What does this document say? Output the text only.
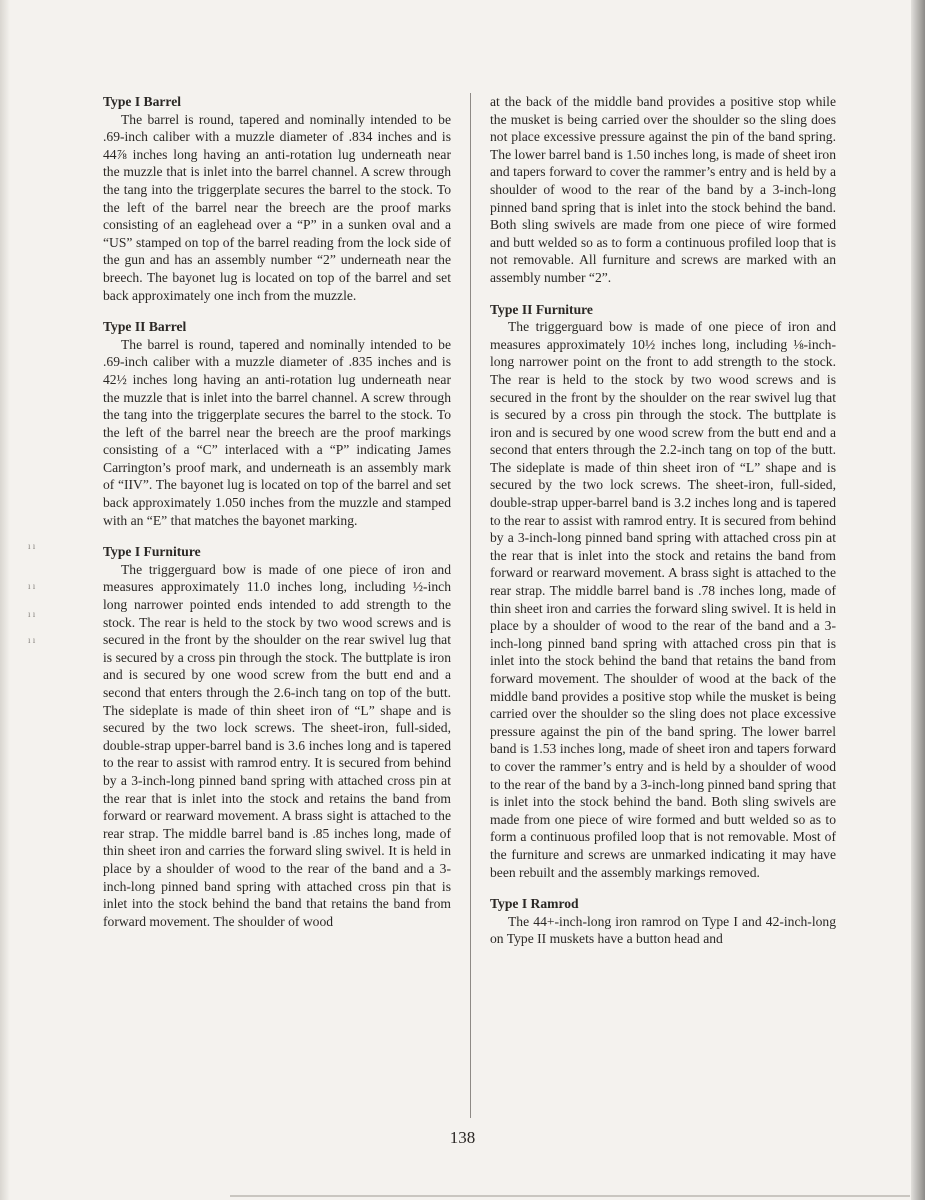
ı ı
ı ı
ı ı
ı ı
Type I Barrel

The barrel is round, tapered and nominally intended to be .69-inch caliber with a muzzle diameter of .834 inches and is 44⅞ inches long having an anti-rotation lug underneath near the muzzle that is inlet into the barrel channel. A screw through the tang into the triggerplate secures the barrel to the stock. To the left of the barrel near the breech are the proof marks consisting of an eaglehead over a “P” in a sunken oval and a “US” stamped on top of the barrel reading from the lock side of the gun and has an assembly number “2” underneath near the breech. The bayonet lug is located on top of the barrel and set back approximately one inch from the muzzle.

Type II Barrel

The barrel is round, tapered and nominally intended to be .69-inch caliber with a muzzle diameter of .835 inches and is 42½ inches long having an anti-rotation lug underneath near the muzzle that is inlet into the barrel channel. A screw through the tang into the triggerplate secures the barrel to the stock. To the left of the barrel near the breech are the proof markings consisting of a “C” interlaced with a “P” indicating James Carrington’s proof mark, and underneath is an assembly mark of “IIV”. The bayonet lug is located on top of the barrel and set back approximately 1.050 inches from the muzzle and stamped with an “E” that matches the bayonet marking.

Type I Furniture

The triggerguard bow is made of one piece of iron and measures approximately 11.0 inches long, including ½-inch long narrower pointed ends intended to add strength to the stock. The rear is held to the stock by two wood screws and is secured in the front by the shoulder on the rear swivel lug that is secured by a cross pin through the stock. The buttplate is iron and is secured by one wood screw from the butt end and a second that enters through the 2.6-inch tang on top of the butt. The sideplate is made of thin sheet iron of “L” shape and is secured by the two lock screws. The sheet-iron, full-sided, double-strap upper-barrel band is 3.6 inches long and is tapered to the rear to assist with ramrod entry. It is secured from behind by a 3-inch-long pinned band spring with attached cross pin at the rear that is inlet into the stock and retains the band from forward or rearward movement. A brass sight is attached to the rear strap. The middle barrel band is .85 inches long, made of thin sheet iron and carries the forward sling swivel. It is held in place by a shoulder of wood to the rear of the band and a 3-inch-long pinned band spring with attached cross pin that is inlet into the stock behind the band that retains the band from forward movement. The shoulder of wood

at the back of the middle band provides a positive stop while the musket is being carried over the shoulder so the sling does not place excessive pressure against the pin of the band spring. The lower barrel band is 1.50 inches long, is made of sheet iron and tapers forward to cover the rammer’s entry and is held by a shoulder of wood to the rear of the band by a 3-inch-long pinned band spring that is inlet into the stock behind the band. Both sling swivels are made from one piece of wire formed and butt welded so as to form a continuous profiled loop that is not removable. All furniture and screws are marked with an assembly number “2”.

Type II Furniture

The triggerguard bow is made of one piece of iron and measures approximately 10½ inches long, including ⅛-inch-long narrower point on the front to add strength to the stock. The rear is held to the stock by two wood screws and is secured in the front by the shoulder on the rear swivel lug that is secured by a cross pin through the stock. The buttplate is iron and is secured by one wood screw from the butt end and a second that enters through the 2.2-inch tang on top of the butt. The sideplate is made of thin sheet iron of “L” shape and is secured by the two lock screws. The sheet-iron, full-sided, double-strap upper-barrel band is 3.2 inches long and is tapered to the rear to assist with ramrod entry. It is secured from behind by a 3-inch-long pinned band spring with attached cross pin at the rear that is inlet into the stock and retains the band from forward or rearward movement. A brass sight is attached to the rear strap. The middle barrel band is .78 inches long, made of thin sheet iron and carries the forward sling swivel. It is held in place by a shoulder of wood to the rear of the band and a 3-inch-long pinned band spring with attached cross pin that is inlet into the stock behind the band that retains the band from forward movement. The shoulder of wood at the back of the middle band provides a positive stop while the musket is being carried over the shoulder so the sling does not place excessive pressure against the pin of the band spring. The lower barrel band is 1.53 inches long, made of sheet iron and tapers forward to cover the rammer’s entry and is held by a shoulder of wood to the rear of the band by a 3-inch-long pinned band spring that is inlet into the stock behind the band. Both sling swivels are made from one piece of wire formed and butt welded so as to form a continuous profiled loop that is not removable. Most of the furniture and screws are unmarked indicating it may have been rebuilt and the assembly markings removed.

Type I Ramrod

The 44+-inch-long iron ramrod on Type I and 42-inch-long on Type II muskets have a button head and

138
